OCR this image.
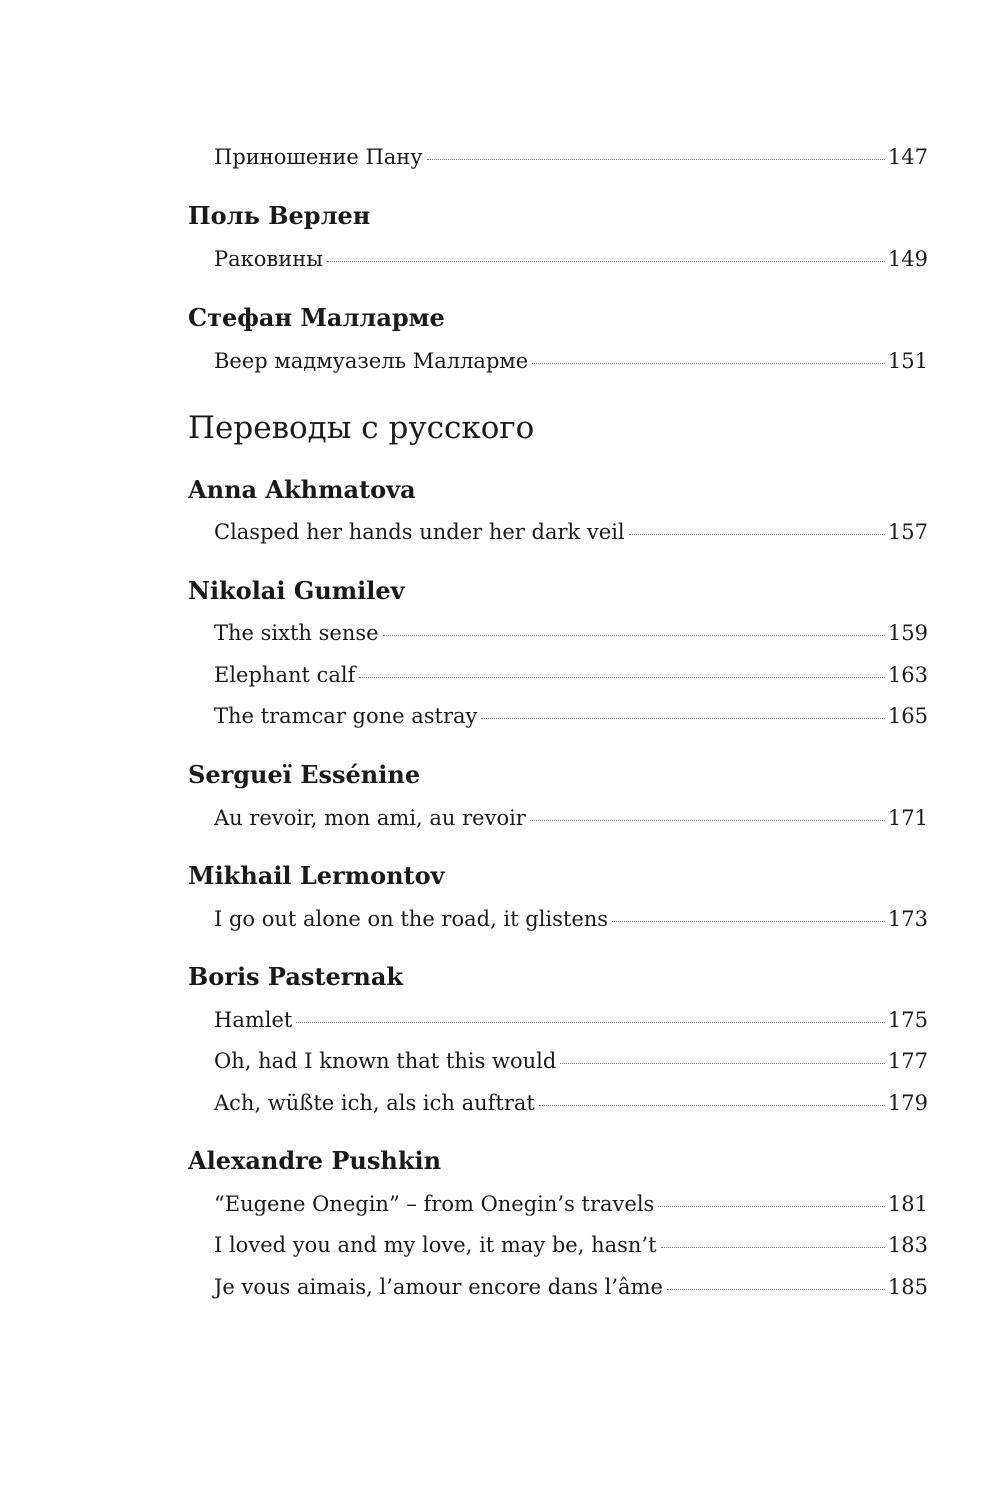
Приношение Пану	147
Поль Верлен
Раковины	149
Стефан Малларме
Веер мадмуазель Малларме	151
Переводы с русского
Anna Akhmatova
Clasped her hands under her dark veil	157
Nikolai Gumilev
The sixth sense	159
Elephant calf	163
The tramcar gone astray	165
Sergueï Essénine
Au revoir, mon ami, au revoir	171
Mikhail Lermontov
I go out alone on the road, it glistens	173
Boris Pasternak
Hamlet	175
Oh, had I known that this would	177
Ach, wüßte ich, als ich auftrat	179
Alexandre Pushkin
“Eugene Onegin” – from Onegin’s travels	181
I loved you and my love, it may be, hasn’t	183
Je vous aimais, l’amour encore dans l’âme	185
